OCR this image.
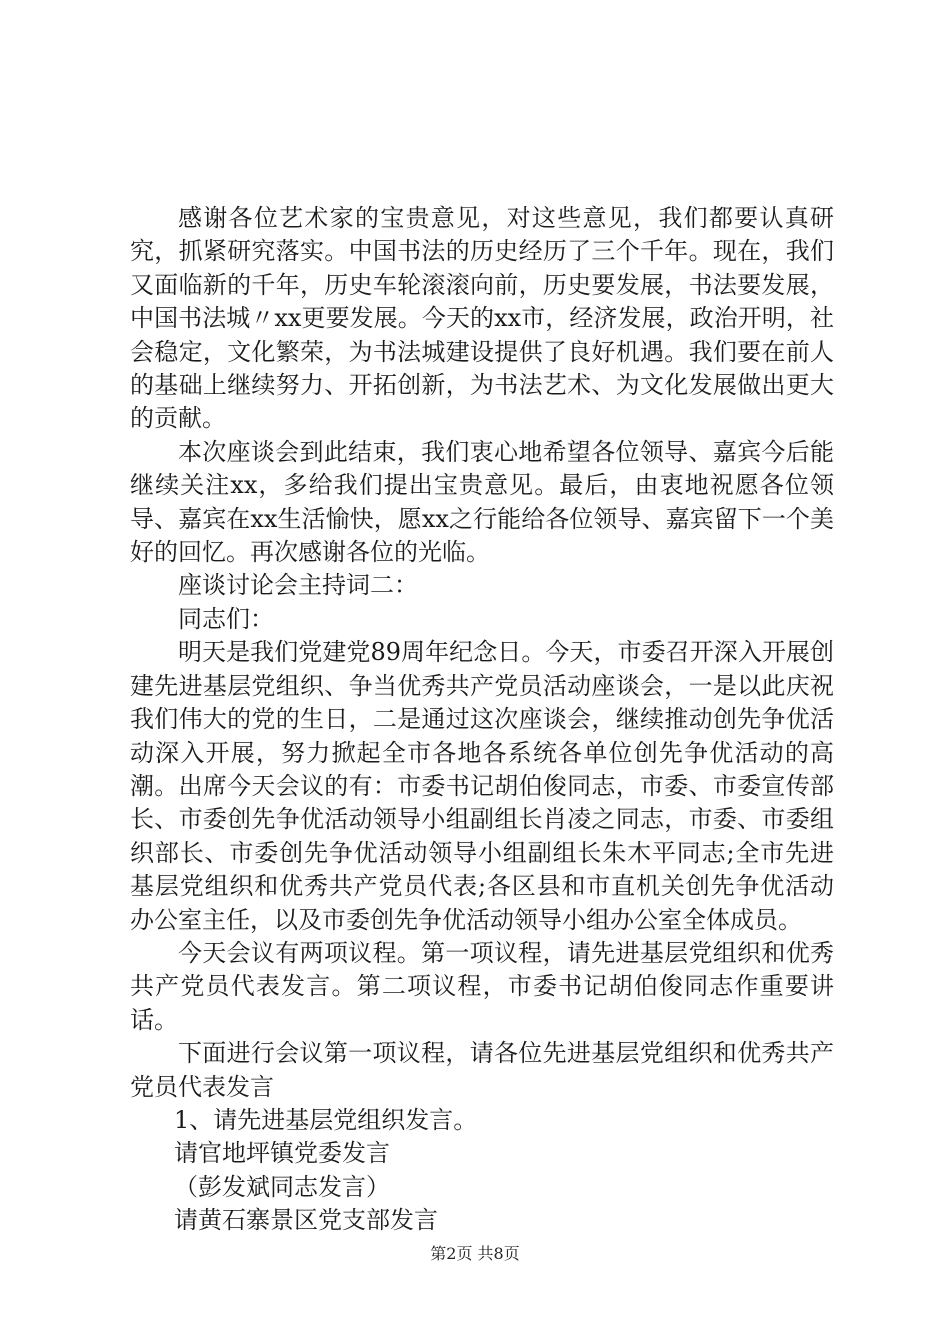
感谢各位艺术家的宝贵意见，对这些意见，我们都要认真研究，抓紧研究落实。中国书法的历史经历了三个千年。现在，我们又面临新的千年，历史车轮滚滚向前，历史要发展，书法要发展，中国书法城〃xx更要发展。今天的xx市，经济发展，政治开明，社会稳定，文化繁荣，为书法城建设提供了良好机遇。我们要在前人的基础上继续努力、开拓创新，为书法艺术、为文化发展做出更大的贡献。

本次座谈会到此结束，我们衷心地希望各位领导、嘉宾今后能继续关注xx，多给我们提出宝贵意见。最后，由衷地祝愿各位领导、嘉宾在xx生活愉快，愿xx之行能给各位领导、嘉宾留下一个美好的回忆。再次感谢各位的光临。

座谈讨论会主持词二：

同志们：

明天是我们党建党89周年纪念日。今天，市委召开深入开展创建先进基层党组织、争当优秀共产党员活动座谈会，一是以此庆祝我们伟大的党的生日，二是通过这次座谈会，继续推动创先争优活动深入开展，努力掀起全市各地各系统各单位创先争优活动的高潮。出席今天会议的有：市委书记胡伯俊同志，市委、市委宣传部长、市委创先争优活动领导小组副组长肖凌之同志，市委、市委组织部长、市委创先争优活动领导小组副组长朱木平同志;全市先进基层党组织和优秀共产党员代表;各区县和市直机关创先争优活动办公室主任，以及市委创先争优活动领导小组办公室全体成员。

今天会议有两项议程。第一项议程，请先进基层党组织和优秀共产党员代表发言。第二项议程，市委书记胡伯俊同志作重要讲话。

下面进行会议第一项议程，请各位先进基层党组织和优秀共产党员代表发言

1、请先进基层党组织发言。

请官地坪镇党委发言

（彭发斌同志发言）

请黄石寨景区党支部发言

第2页 共8页
